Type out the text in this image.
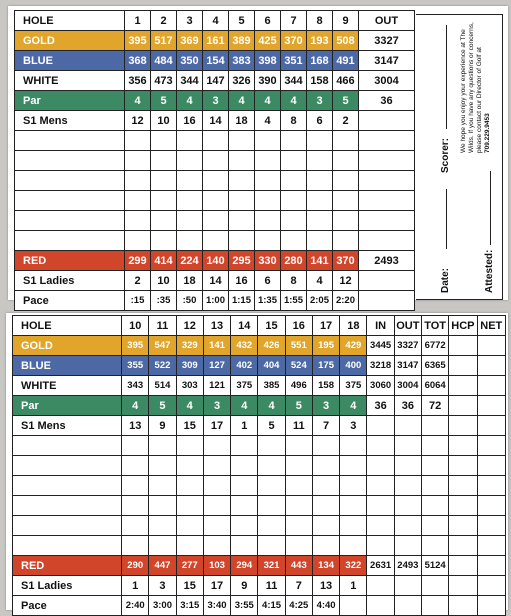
HOLE	1	2	3	4	5	6	7	8	9	OUT
GOLD	395	517	369	161	389	425	370	193	508	3327
BLUE	368	484	350	154	383	398	351	168	491	3147
WHITE	356	473	344	147	326	390	344	158	466	3004
Par	4	5	4	3	4	4	4	3	5	36
S1 Mens	12	10	16	14	18	4	8	6	2	

RED	299	414	224	140	295	330	280	141	370	2493
S1 Ladies	2	10	18	14	16	6	8	4	12	
Pace	:15	:35	:50	1:00	1:15	1:35	1:55	2:05	2:20	
Scorer:
Attested:
Date:
We hope you enjoy your experience at The Wilds. If you have any questions or concerns, please contact our Director of Golf at 709.229.9453
HOLE	10	11	12	13	14	15	16	17	18	IN	OUT	TOT	HCP	NET
GOLD	395	547	329	141	432	426	551	195	429	3445	3327	6772		
BLUE	355	522	309	127	402	404	524	175	400	3218	3147	6365		
WHITE	343	514	303	121	375	385	496	158	375	3060	3004	6064		
Par	4	5	4	3	4	4	5	3	4	36	36	72		
S1 Mens	13	9	15	17	1	5	11	7	3					

RED	290	447	277	103	294	321	443	134	322	2631	2493	5124		
S1 Ladies	1	3	15	17	9	11	7	13	1					
Pace	2:40	3:00	3:15	3:40	3:55	4:15	4:25	4:40						
